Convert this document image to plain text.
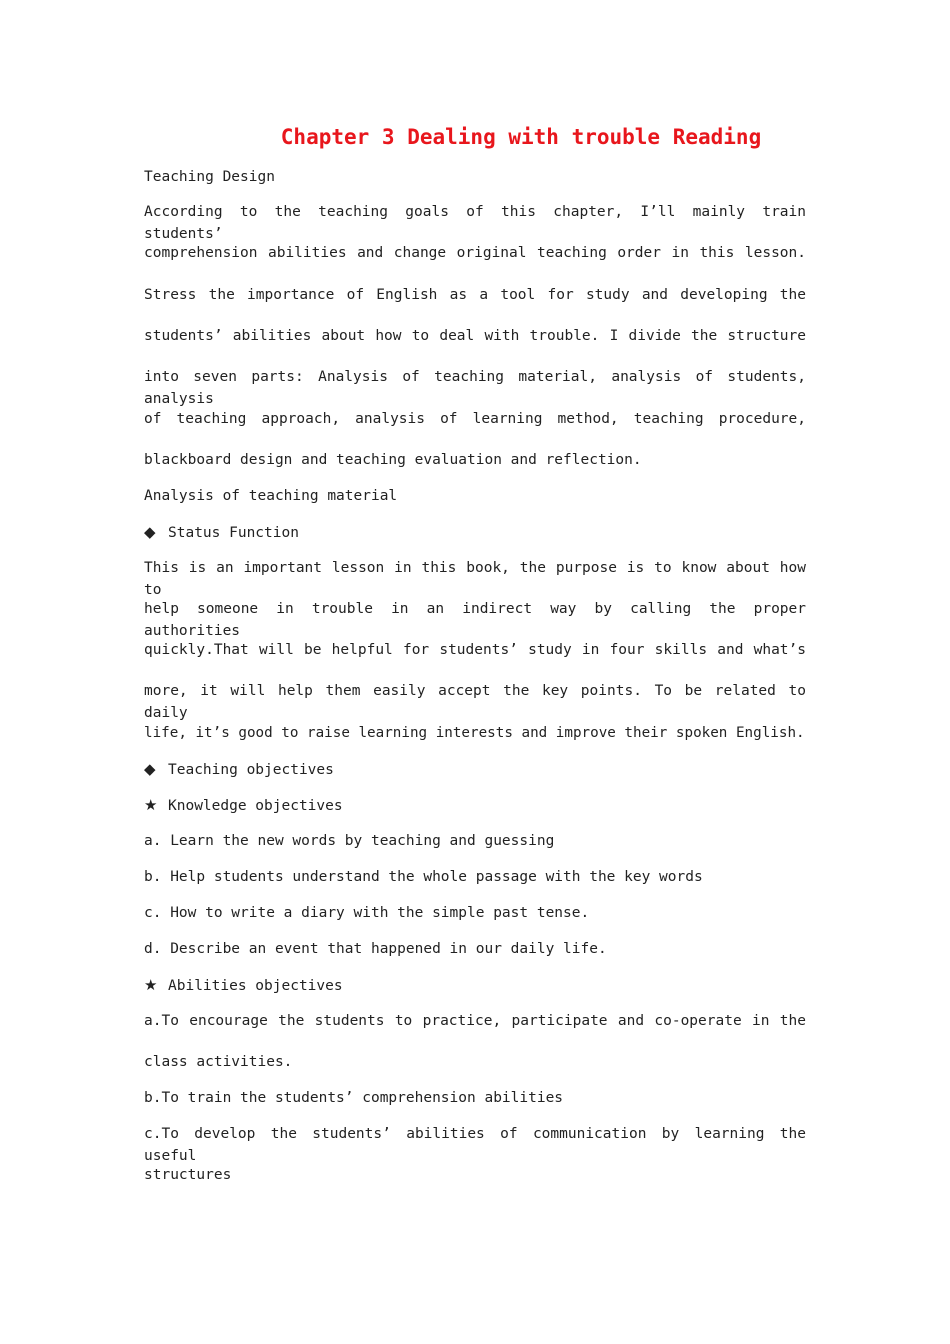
Chapter 3 Dealing with trouble Reading
Teaching Design
According to the teaching goals of this chapter, I’ll mainly train students’
comprehension abilities and change original teaching order in this lesson.
Stress the importance of English as a tool for study and developing the
students’ abilities about how to deal with trouble. I divide the structure
into seven parts: Analysis of teaching material, analysis of students, analysis
of teaching approach, analysis of learning method, teaching procedure,
blackboard design and teaching evaluation and reflection.
Analysis of teaching material
◆ Status Function
This is an important lesson in this book, the purpose is to know about how to
help someone in trouble in an indirect way by calling the proper authorities
quickly.That will be helpful for students’ study in four skills and what’s
more, it will help them easily accept the key points. To be related to daily
life, it’s good to raise learning interests and improve their spoken English.
◆ Teaching objectives
★ Knowledge objectives
a. Learn the new words by teaching and guessing
b. Help students understand the whole passage with the key words
c. How to write a diary with the simple past tense.
d. Describe an event that happened in our daily life.
★ Abilities objectives
a.To encourage the students to practice, participate and co-operate in the
class activities.
b.To train the students’ comprehension abilities
c.To develop the students’ abilities of communication by learning the useful
structures
